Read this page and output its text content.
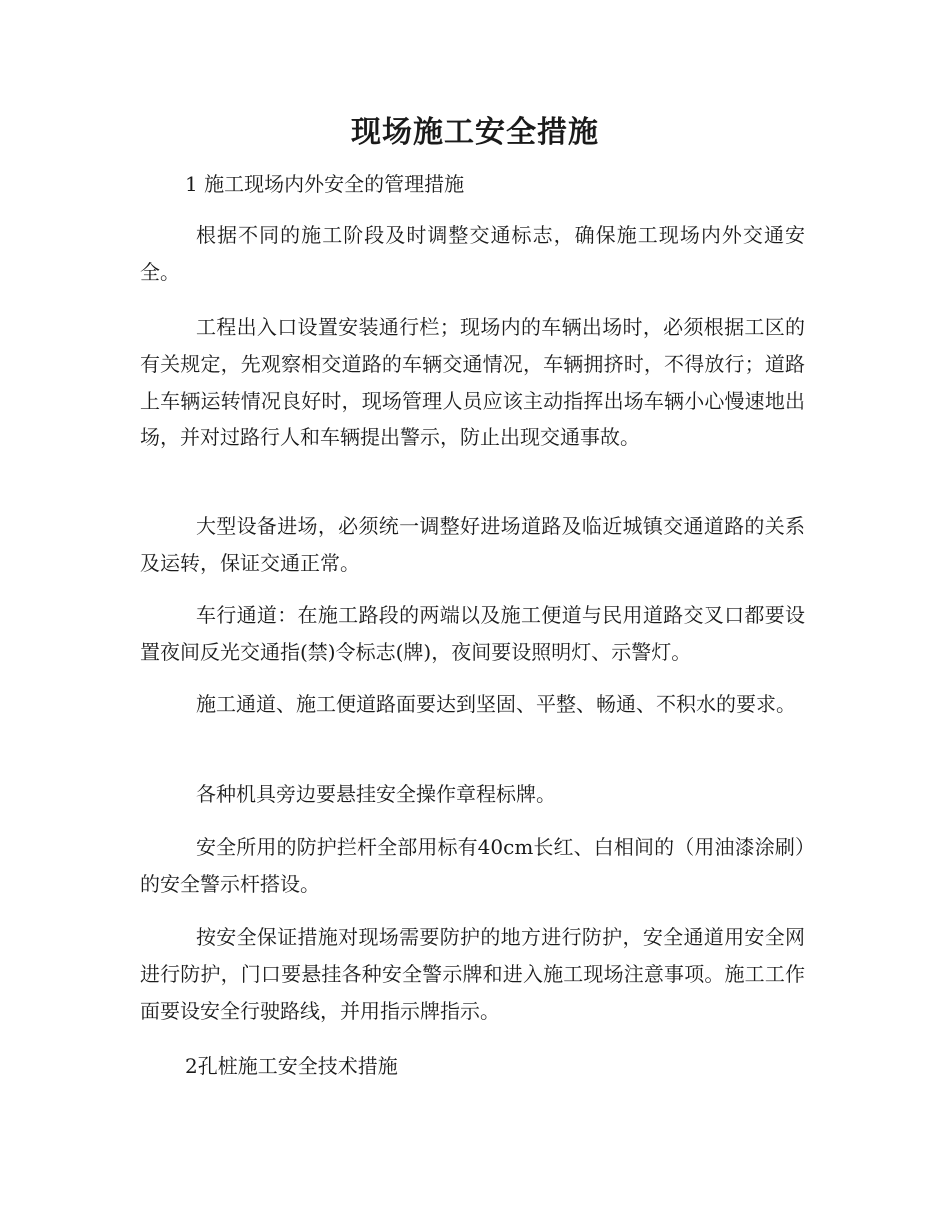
现场施工安全措施
1 施工现场内外安全的管理措施

根据不同的施工阶段及时调整交通标志，确保施工现场内外交通安全。

工程出入口设置安装通行栏；现场内的车辆出场时，必须根据工区的有关规定，先观察相交道路的车辆交通情况，车辆拥挤时，不得放行；道路上车辆运转情况良好时，现场管理人员应该主动指挥出场车辆小心慢速地出场，并对过路行人和车辆提出警示，防止出现交通事故。

大型设备进场，必须统一调整好进场道路及临近城镇交通道路的关系及运转，保证交通正常。

车行通道：在施工路段的两端以及施工便道与民用道路交叉口都要设置夜间反光交通指(禁)令标志(牌)，夜间要设照明灯、示警灯。

施工通道、施工便道路面要达到坚固、平整、畅通、不积水的要求。

各种机具旁边要悬挂安全操作章程标牌。

安全所用的防护拦杆全部用标有40cm长红、白相间的（用油漆涂刷）的安全警示杆搭设。

按安全保证措施对现场需要防护的地方进行防护，安全通道用安全网进行防护，门口要悬挂各种安全警示牌和进入施工现场注意事项。施工工作面要设安全行驶路线，并用指示牌指示。

2孔桩施工安全技术措施
